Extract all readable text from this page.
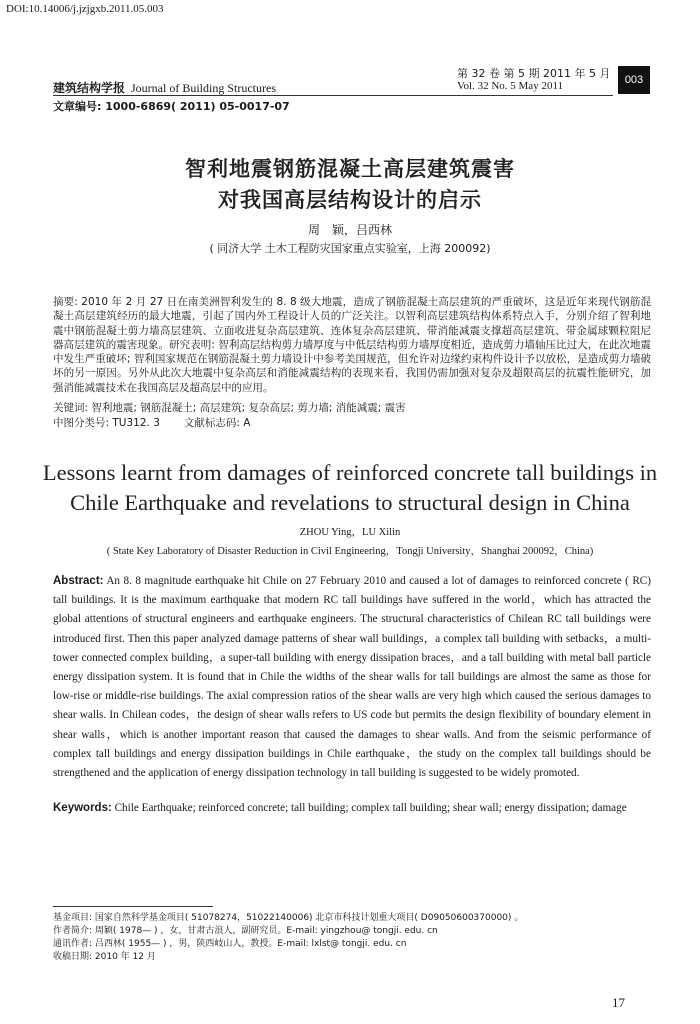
DOI:10.14006/j.jzjgxb.2011.05.003
建筑结构学报 Journal of Building Structures
第 32 卷 第 5 期 2011 年 5 月
Vol. 32 No. 5 May 2011	003
文章编号: 1000-6869( 2011) 05-0017-07
智利地震钢筋混凝土高层建筑震害
对我国高层结构设计的启示
周　颖，吕西林
( 同济大学 土木工程防灾国家重点实验室，上海 200092)
摘要: 2010 年 2 月 27 日在南美洲智利发生的 8. 8 级大地震，造成了钢筋混凝土高层建筑的严重破坏，这是近年来现代钢筋混凝土高层建筑经历的最大地震，引起了国内外工程设计人员的广泛关注。以智利高层建筑结构体系特点入手，分别介绍了智利地震中钢筋混凝土剪力墙高层建筑、立面收进复杂高层建筑、连体复杂高层建筑、带消能减震支撑超高层建筑、带金属球颗粒阻尼器高层建筑的震害现象。研究表明: 智利高层结构剪力墙厚度与中低层结构剪力墙厚度相近，造成剪力墙轴压比过大，在此次地震中发生严重破坏; 智利国家规范在钢筋混凝土剪力墙设计中参考美国规范，但允许对边缘约束构件设计予以放松，是造成剪力墙破坏的另一原因。另外从此次大地震中复杂高层和消能减震结构的表现来看，我国仍需加强对复杂及超限高层的抗震性能研究，加强消能减震技术在我国高层及超高层中的应用。
关键词: 智利地震; 钢筋混凝土; 高层建筑; 复杂高层; 剪力墙; 消能减震; 震害
中图分类号: TU312. 3 文献标志码: A
Lessons learnt from damages of reinforced concrete tall buildings in
Chile Earthquake and revelations to structural design in China
ZHOU Ying，LU Xilin
( State Key Laboratory of Disaster Reduction in Civil Engineering，Tongji University，Shanghai 200092，China)
Abstract: An 8. 8 magnitude earthquake hit Chile on 27 February 2010 and caused a lot of damages to reinforced concrete ( RC) tall buildings. It is the maximum earthquake that modern RC tall buildings have suffered in the world，which has attracted the global attentions of structural engineers and earthquake engineers. The structural characteristics of Chilean RC tall buildings were introduced first. Then this paper analyzed damage patterns of shear wall buildings，a complex tall building with setbacks，a multi-tower connected complex building，a super-tall building with energy dissipation braces，and a tall building with metal ball particle energy dissipation system. It is found that in Chile the widths of the shear walls for tall buildings are almost the same as those for low-rise or middle-rise buildings. The axial compression ratios of the shear walls are very high which caused the serious damages to shear walls. In Chilean codes，the design of shear walls refers to US code but permits the design flexibility of boundary element in shear walls，which is another important reason that caused the damages to shear walls. And from the seismic performance of complex tall buildings and energy dissipation buildings in Chile earthquake，the study on the complex tall buildings should be strengthened and the application of energy dissipation technology in tall building is suggested to be widely promoted.
Keywords: Chile Earthquake; reinforced concrete; tall building; complex tall building; shear wall; energy dissipation; damage
基金项目: 国家自然科学基金项目( 51078274，51022140006) 北京市科技计划重大项目( D09050600370000) 。
作者简介: 周颖( 1978— ) ，女，甘肃古浪人，副研究员。E-mail: yingzhou@ tongji. edu. cn
通讯作者: 吕西林( 1955— ) ，男，陕西岐山人，教授。E-mail: lxlst@ tongji. edu. cn
收稿日期: 2010 年 12 月
17
